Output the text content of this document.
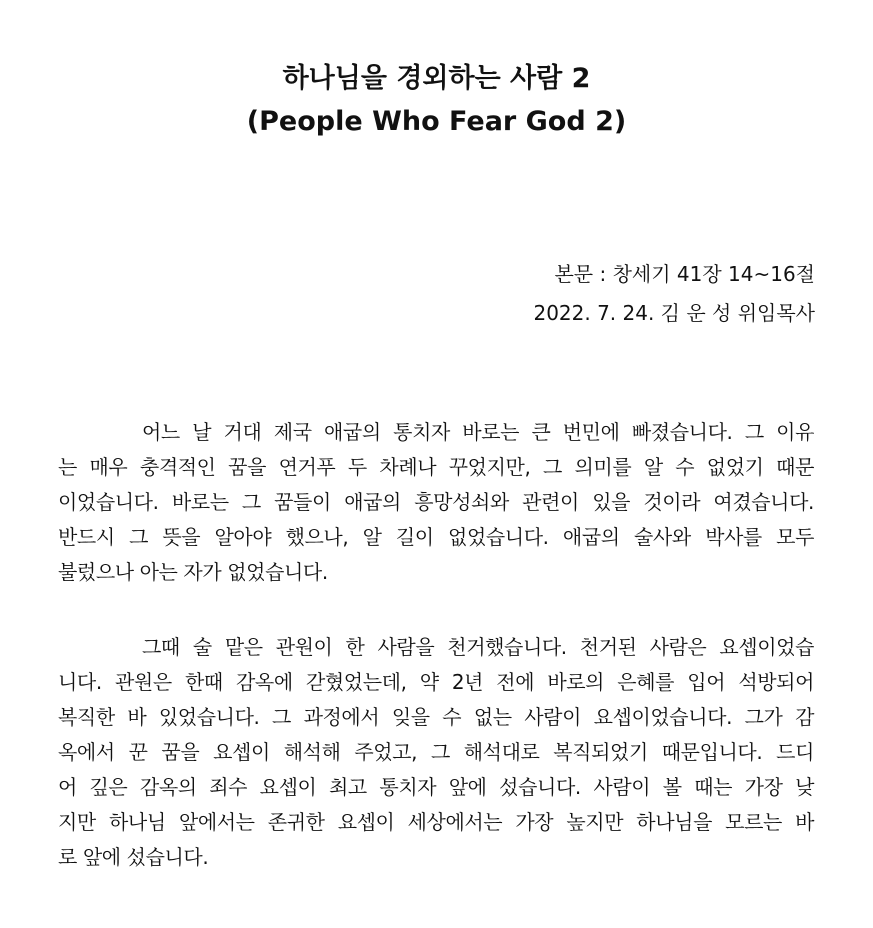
하나님을 경외하는 사람 2
(People Who Fear God 2)
본문 : 창세기 41장 14~16절
2022. 7. 24. 김 운 성 위임목사
어느 날 거대 제국 애굽의 통치자 바로는 큰 번민에 빠졌습니다. 그 이유
는 매우 충격적인 꿈을 연거푸 두 차례나 꾸었지만, 그 의미를 알 수 없었기 때문
이었습니다. 바로는 그 꿈들이 애굽의 흥망성쇠와 관련이 있을 것이라 여겼습니다.
반드시 그 뜻을 알아야 했으나, 알 길이 없었습니다. 애굽의 술사와 박사를 모두
불렀으나 아는 자가 없었습니다.
그때 술 맡은 관원이 한 사람을 천거했습니다. 천거된 사람은 요셉이었습
니다. 관원은 한때 감옥에 갇혔었는데, 약 2년 전에 바로의 은혜를 입어 석방되어
복직한 바 있었습니다. 그 과정에서 잊을 수 없는 사람이 요셉이었습니다. 그가 감
옥에서 꾼 꿈을 요셉이 해석해 주었고, 그 해석대로 복직되었기 때문입니다. 드디
어 깊은 감옥의 죄수 요셉이 최고 통치자 앞에 섰습니다. 사람이 볼 때는 가장 낮
지만 하나님 앞에서는 존귀한 요셉이 세상에서는 가장 높지만 하나님을 모르는 바
로 앞에 섰습니다.
